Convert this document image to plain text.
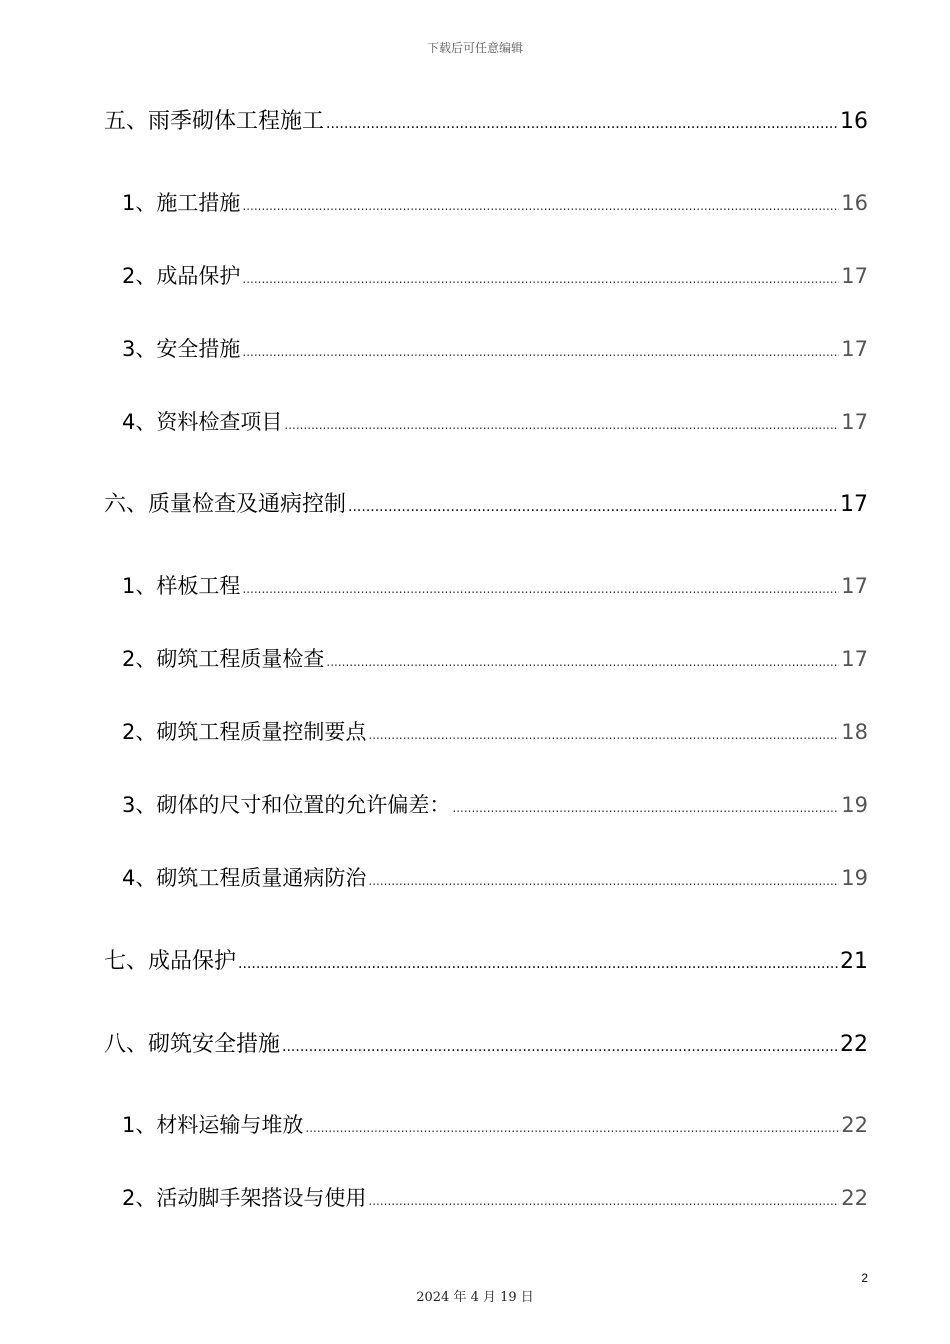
下载后可任意编辑
五、雨季砌体工程施工 .....	16
1、施工措施 .....	16
2、成品保护 .....	17
3、安全措施 .....	17
4、资料检查项目 .....	17
六、质量检查及通病控制 .....	17
1、样板工程 .....	17
2、砌筑工程质量检查 .....	17
2、砌筑工程质量控制要点 .....	18
3、砌体的尺寸和位置的允许偏差： .....	19
4、砌筑工程质量通病防治 .....	19
七、成品保护 .....	21
八、砌筑安全措施 .....	22
1、材料运输与堆放 .....	22
2、活动脚手架搭设与使用 .....	22
2
2024 年 4 月 19 日
